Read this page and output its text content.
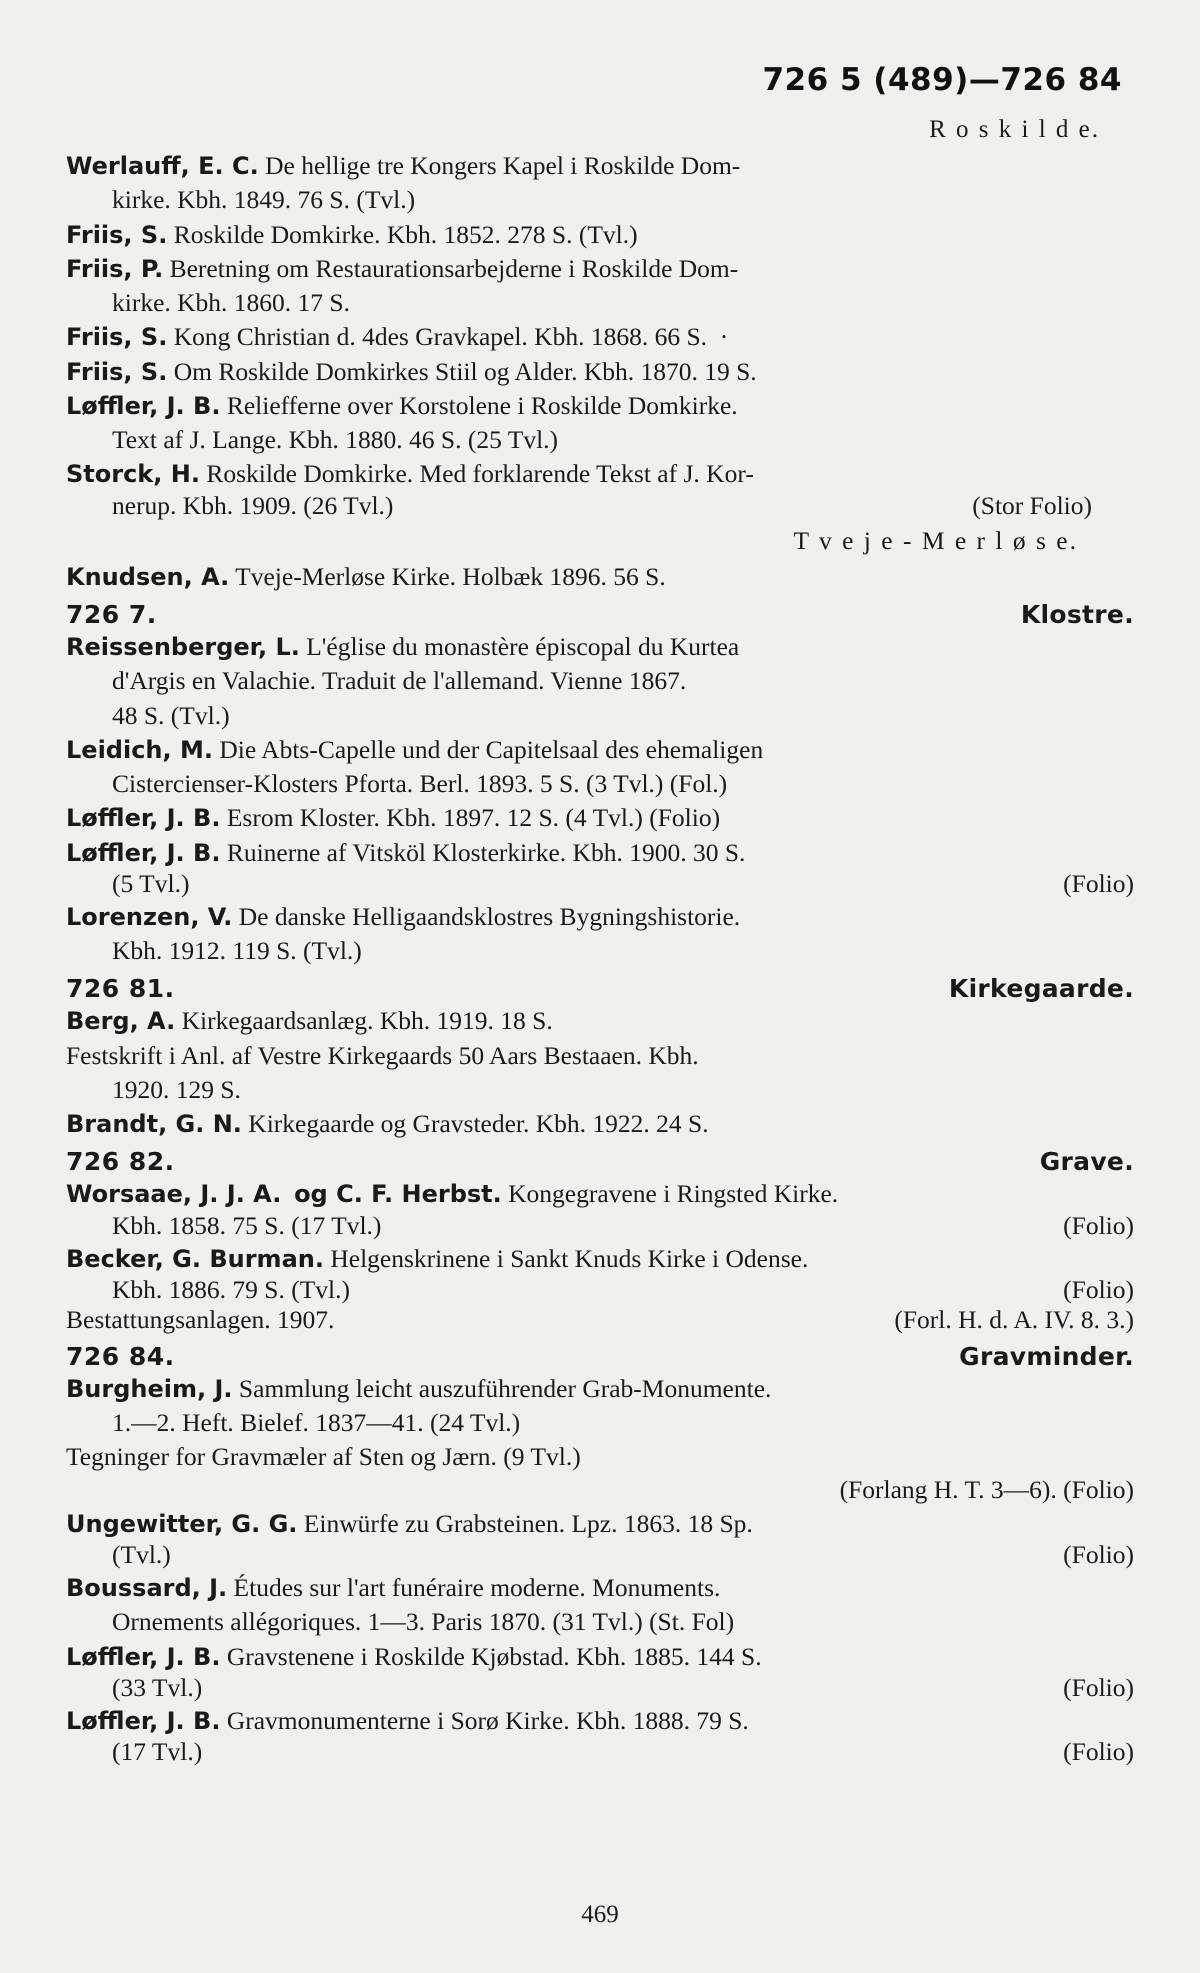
726 5 (489)—726 84
R o s k i l d e.
Werlauff, E. C. De hellige tre Kongers Kapel i Roskilde Dom-
kirke. Kbh. 1849. 76 S. (Tvl.)
Friis, S. Roskilde Domkirke. Kbh. 1852. 278 S. (Tvl.)
Friis, P. Beretning om Restaurationsarbejderne i Roskilde Dom-
kirke. Kbh. 1860. 17 S.
Friis, S. Kong Christian d. 4des Gravkapel. Kbh. 1868. 66 S.  ·
Friis, S. Om Roskilde Domkirkes Stiil og Alder. Kbh. 1870. 19 S.
Løffler, J. B. Reliefferne over Korstolene i Roskilde Domkirke.
Text af J. Lange. Kbh. 1880. 46 S. (25 Tvl.)
Storck, H. Roskilde Domkirke. Med forklarende Tekst af J. Kor-
nerup. Kbh. 1909. (26 Tvl.)	(Stor Folio)
T v e j e - M e r l ø s e.
Knudsen, A. Tveje-Merløse Kirke. Holbæk 1896. 56 S.
726 7.	Klostre.
Reissenberger, L. L'église du monastère épiscopal du Kurtea
d'Argis en Valachie. Traduit de l'allemand. Vienne 1867.
48 S. (Tvl.)
Leidich, M. Die Abts-Capelle und der Capitelsaal des ehemaligen
Cistercienser-Klosters Pforta. Berl. 1893. 5 S. (3 Tvl.) (Fol.)
Løffler, J. B. Esrom Kloster. Kbh. 1897. 12 S. (4 Tvl.) (Folio)
Løffler, J. B. Ruinerne af Vitsköl Klosterkirke. Kbh. 1900. 30 S.
(5 Tvl.)	(Folio)
Lorenzen, V. De danske Helligaandsklostres Bygningshistorie.
Kbh. 1912. 119 S. (Tvl.)
726 81.	Kirkegaarde.
Berg, A. Kirkegaardsanlæg. Kbh. 1919. 18 S.
Festskrift i Anl. af Vestre Kirkegaards 50 Aars Bestaaen. Kbh.
1920. 129 S.
Brandt, G. N. Kirkegaarde og Gravsteder. Kbh. 1922. 24 S.
726 82.	Grave.
Worsaae, J. J. A. og C. F. Herbst. Kongegravene i Ringsted Kirke.
Kbh. 1858. 75 S. (17 Tvl.)	(Folio)
Becker, G. Burman. Helgenskrinene i Sankt Knuds Kirke i Odense.
Kbh. 1886. 79 S. (Tvl.)	(Folio)
Bestattungsanlagen. 1907.	(Forl. H. d. A. IV. 8. 3.)
726 84.	Gravminder.
Burgheim, J. Sammlung leicht auszuführender Grab-Monumente.
1.—2. Heft. Bielef. 1837—41. (24 Tvl.)
Tegninger for Gravmæler af Sten og Jærn. (9 Tvl.)
(Forlang H. T. 3—6). (Folio)
Ungewitter, G. G. Einwürfe zu Grabsteinen. Lpz. 1863. 18 Sp.
(Tvl.)	(Folio)
Boussard, J. Études sur l'art funéraire moderne. Monuments.
Ornements allégoriques. 1—3. Paris 1870. (31 Tvl.) (St. Fol)
Løffler, J. B. Gravstenene i Roskilde Kjøbstad. Kbh. 1885. 144 S.
(33 Tvl.)	(Folio)
Løffler, J. B. Gravmonumenterne i Sorø Kirke. Kbh. 1888. 79 S.
(17 Tvl.)	(Folio)
469
